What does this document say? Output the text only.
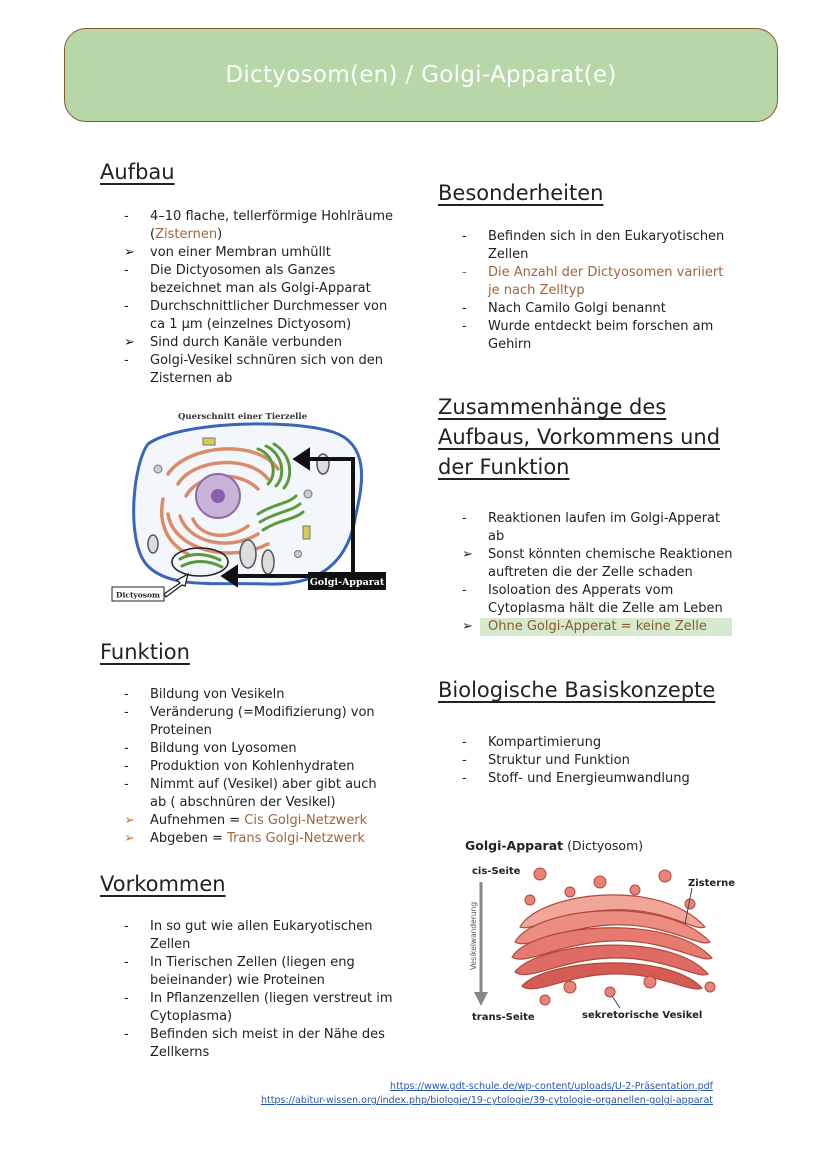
Dictyosom(en) / Golgi-Apparat(e)
Aufbau
-	4–10 flache, tellerförmige Hohlräume (Zisternen)
➢	von einer Membran umhüllt
-	Die Dictyosomen als Ganzes bezeichnet man als Golgi-Apparat
-	Durchschnittlicher Durchmesser von ca 1 µm (einzelnes Dictyosom)
➢	Sind durch Kanäle verbunden
-	Golgi-Vesikel schnüren sich von den Zisternen ab
Querschnitt einer Tierzelle
Golgi-Apparat
Dictyosom
Funktion
-	Bildung von Vesikeln
-	Veränderung (=Modifizierung) von Proteinen
-	Bildung von Lyosomen
-	Produktion von Kohlenhydraten
-	Nimmt auf (Vesikel) aber gibt auch ab ( abschnüren der Vesikel)
➢	Aufnehmen = Cis Golgi-Netzwerk
➢	Abgeben = Trans Golgi-Netzwerk
Vorkommen
-	In so gut wie allen Eukaryotischen Zellen
-	In Tierischen Zellen (liegen eng beieinander) wie Proteinen
-	In Pflanzenzellen (liegen verstreut im Cytoplasma)
-	Befinden sich meist in der Nähe des Zellkerns
Besonderheiten
-	Befinden sich in den Eukaryotischen Zellen
-	Die Anzahl der Dictyosomen variiert je nach Zelltyp
-	Nach Camilo Golgi benannt
-	Wurde entdeckt beim forschen am Gehirn
Zusammenhänge des
Aufbaus, Vorkommens und
der Funktion
-	Reaktionen laufen im Golgi-Apperat ab
➢	Sonst könnten chemische Reaktionen auftreten die der Zelle schaden
-	Isoloation des Apperats vom Cytoplasma hält die Zelle am Leben
➢	Ohne Golgi-Apperat = keine Zelle
Biologische Basiskonzepte
-	Kompartimierung
-	Struktur und Funktion
-	Stoff- und Energieumwandlung
Golgi-Apparat (Dictyosom)
cis-Seite
trans-Seite
Zisterne
sekretorische Vesikel
Vesikelwanderung
https://www.gdt-schule.de/wp-content/uploads/U-2-Präsentation.pdf
https://abitur-wissen.org/index.php/biologie/19-cytologie/39-cytologie-organellen-golgi-apparat
